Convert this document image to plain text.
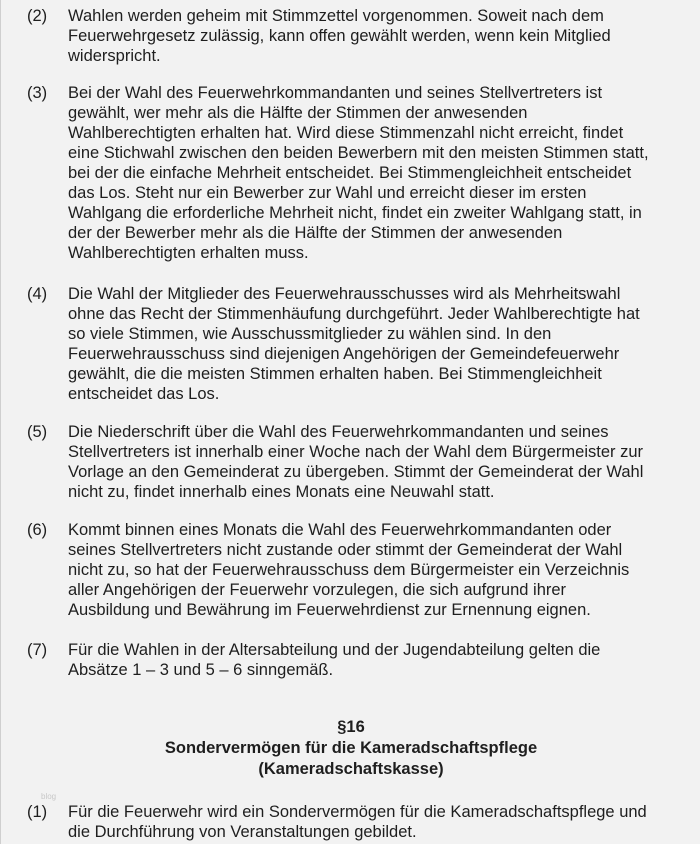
(2) Wahlen werden geheim mit Stimmzettel vorgenommen. Soweit nach dem
Feuerwehrgesetz zulässig, kann offen gewählt werden, wenn kein Mitglied
widerspricht.
(3) Bei der Wahl des Feuerwehrkommandanten und seines Stellvertreters ist
gewählt, wer mehr als die Hälfte der Stimmen der anwesenden
Wahlberechtigten erhalten hat. Wird diese Stimmenzahl nicht erreicht, findet
eine Stichwahl zwischen den beiden Bewerbern mit den meisten Stimmen statt,
bei der die einfache Mehrheit entscheidet. Bei Stimmengleichheit entscheidet
das Los. Steht nur ein Bewerber zur Wahl und erreicht dieser im ersten
Wahlgang die erforderliche Mehrheit nicht, findet ein zweiter Wahlgang statt, in
der der Bewerber mehr als die Hälfte der Stimmen der anwesenden
Wahlberechtigten erhalten muss.
(4) Die Wahl der Mitglieder des Feuerwehrausschusses wird als Mehrheitswahl
ohne das Recht der Stimmenhäufung durchgeführt. Jeder Wahlberechtigte hat
so viele Stimmen, wie Ausschussmitglieder zu wählen sind. In den
Feuerwehrausschuss sind diejenigen Angehörigen der Gemeindefeuerwehr
gewählt, die die meisten Stimmen erhalten haben. Bei Stimmengleichheit
entscheidet das Los.
(5) Die Niederschrift über die Wahl des Feuerwehrkommandanten und seines
Stellvertreters ist innerhalb einer Woche nach der Wahl dem Bürgermeister zur
Vorlage an den Gemeinderat zu übergeben. Stimmt der Gemeinderat der Wahl
nicht zu, findet innerhalb eines Monats eine Neuwahl statt.
(6) Kommt binnen eines Monats die Wahl des Feuerwehrkommandanten oder
seines Stellvertreters nicht zustande oder stimmt der Gemeinderat der Wahl
nicht zu, so hat der Feuerwehrausschuss dem Bürgermeister ein Verzeichnis
aller Angehörigen der Feuerwehr vorzulegen, die sich aufgrund ihrer
Ausbildung und Bewährung im Feuerwehrdienst zur Ernennung eignen.
(7) Für die Wahlen in der Altersabteilung und der Jugendabteilung gelten die
Absätze 1 – 3 und 5 – 6 sinngemäß.
§16
Sondervermögen für die Kameradschaftspflege
(Kameradschaftskasse)
blog
(1) Für die Feuerwehr wird ein Sondervermögen für die Kameradschaftspflege und
die Durchführung von Veranstaltungen gebildet.
